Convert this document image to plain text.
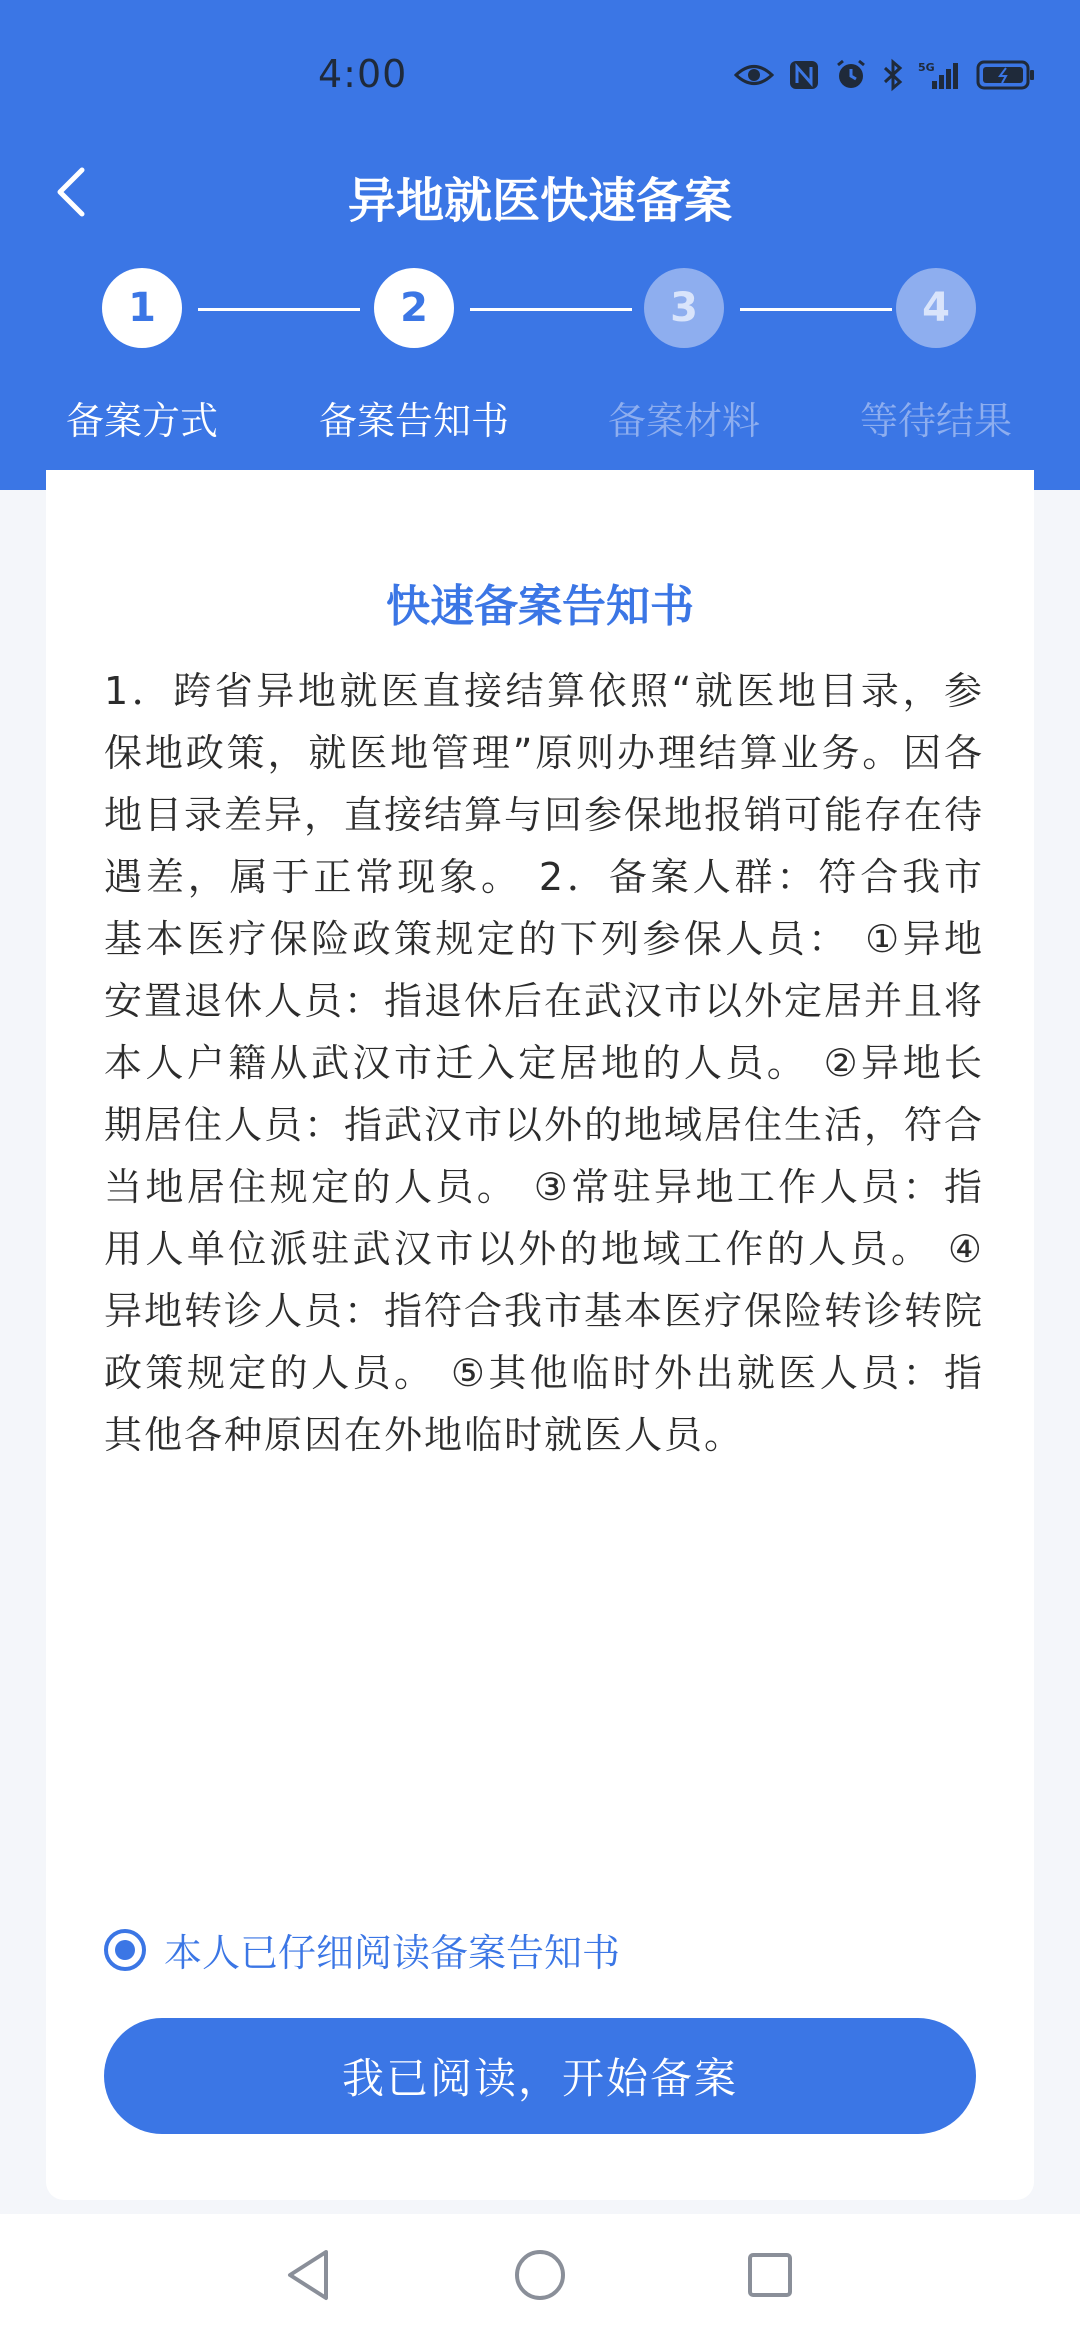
4:00	5G
异地就医快速备案
1	2	3	4
备案方式	备案告知书	备案材料	等待结果
快速备案告知书
1．跨省异地就医直接结算依照“就医地目录，参保地政策，就医地管理”原则办理结算业务。因各地目录差异，直接结算与回参保地报销可能存在待遇差，属于正常现象。 2．备案人群：符合我市基本医疗保险政策规定的下列参保人员： ①异地安置退休人员：指退休后在武汉市以外定居并且将本人户籍从武汉市迁入定居地的人员。 ②异地长期居住人员：指武汉市以外的地域居住生活，符合当地居住规定的人员。 ③常驻异地工作人员：指用人单位派驻武汉市以外的地域工作的人员。 ④异地转诊人员：指符合我市基本医疗保险转诊转院政策规定的人员。 ⑤其他临时外出就医人员：指其他各种原因在外地临时就医人员。
本人已仔细阅读备案告知书
我已阅读，开始备案
